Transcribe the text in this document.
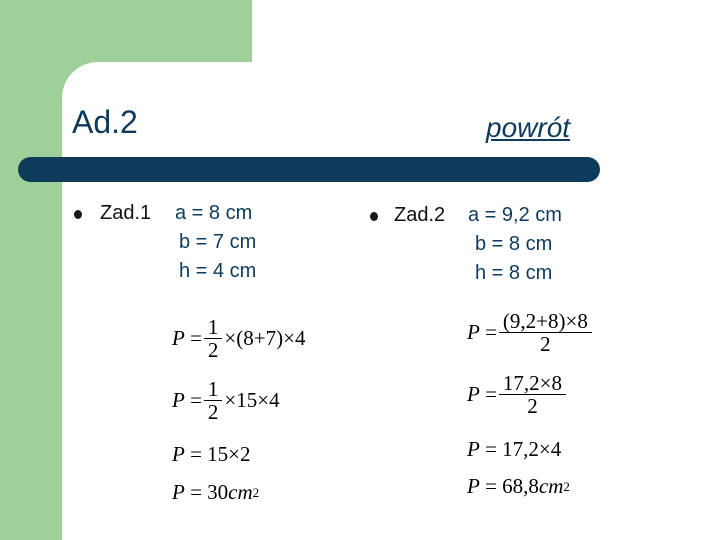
Ad.2	powrót
Zad.1 a = 8 cm
b = 7 cm
h = 4 cm
P
= $\frac{1}{2} \times(8+7)\times 4$
P
= $\frac{1}{2} \times 15\times 4$
P
=
15×2
P
=
30 cm 2
Zad.2 a = 9,2 cm
b = 8 cm
h = 8 cm
P
= $\frac{(9,2+8)\times 8}{2}$
P
= $\frac{17,2\times 8}{2}$
P
=
17,2×4
P
=
68,8 cm 2
